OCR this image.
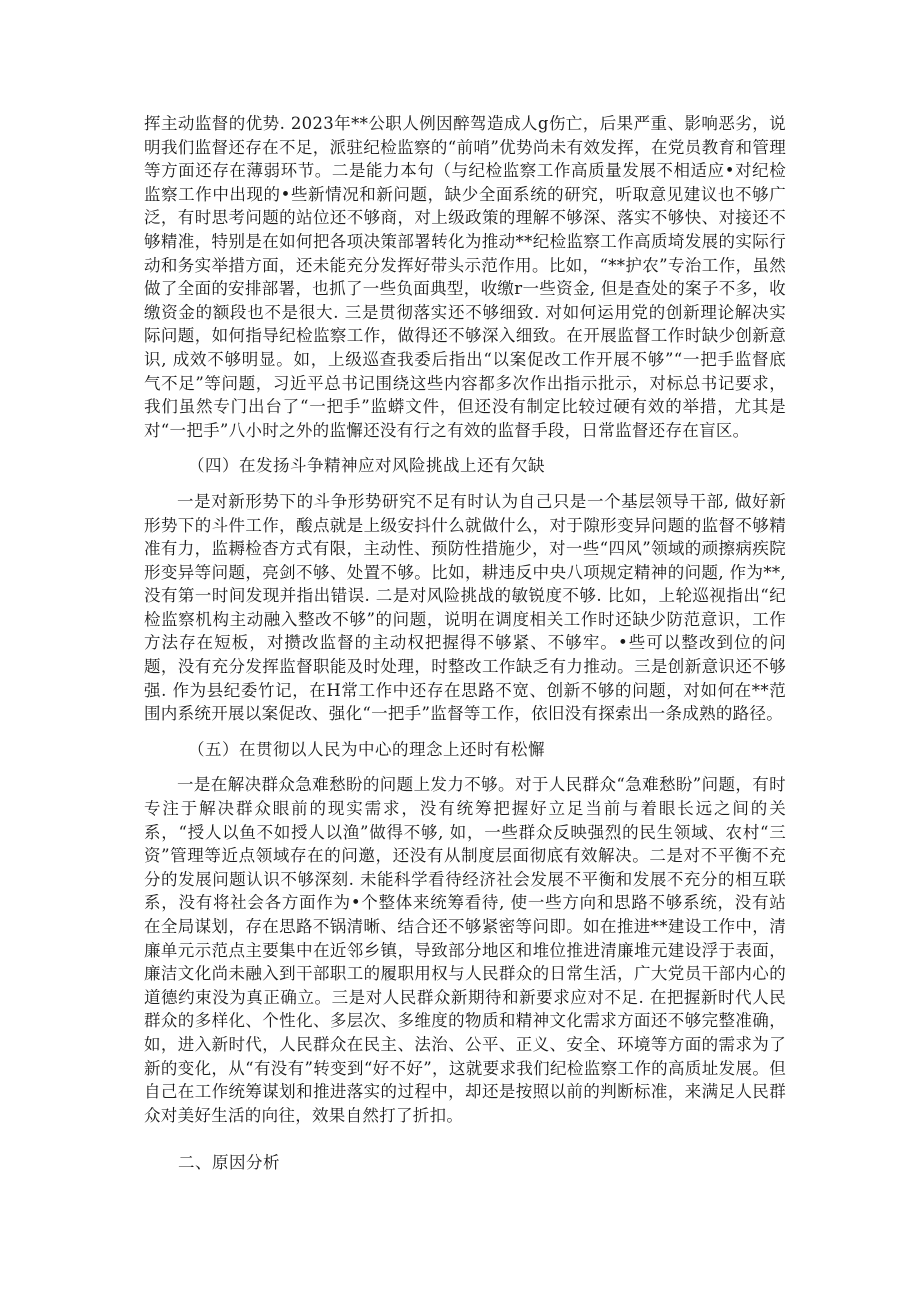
挥主动监督的优势. 2023年**公职人例因醉驾造成人g伤亡，后果严重、影响恶劣，说明我们监督还存在不足，派驻纪检监察的“前哨”优势尚未有效发挥，在党员教育和管理等方面还存在薄弱环节。二是能力本句（与纪检监察工作高质量发展不相适应•对纪检监察工作中出现的•些新情况和新问题，缺少全面系统的研究，听取意见建议也不够广泛，有时思考问题的站位还不够商，对上级政策的理解不够深、落实不够快、对接还不够精准，特别是在如何把各项决策部署转化为推动**纪检监察工作高质埼发展的实际行动和务实举措方面，还未能充分发挥好带头示范作用。比如，“**护农”专治工作，虽然做了全面的安排部署，也抓了一些负面典型，收缴r一些资金, 但是查处的案子不多，收缴资金的额段也不是很大. 三是贯彻落实还不够细致. 对如何运用党的创新理论解决实际问题，如何指导纪检监察工作，做得还不够深入细致。在开展监督工作时缺少创新意识, 成效不够明显。如，上级巡查我委后指出“以案促改工作开展不够”“一把手监督底气不足”等问题，习近平总书记围绕这些内容都多次作出指示批示，对标总书记要求，我们虽然专门出台了“一把手”监蟒文件，但还没有制定比较过硬有效的举措，尤其是对“一把手”八小时之外的监懈还没有行之有效的监督手段，日常监督还存在盲区。

（四）在发扬斗争精神应对风险挑战上还有欠缺

一是对新形势下的斗争形势研究不足有时认为自己只是一个基层领导干部, 做好新形势下的斗件工作，酸点就是上级安抖什么就做什么，对于隙形变异问题的监督不够精准有力，监耨检杳方式有限，主动性、预防性措施少，对一些“四风”领域的顽擦病疾院形变异等问题，亮剑不够、处置不够。比如，耕违反中央八项规定精神的问题, 作为**, 没有第一时间发现并指出错误. 二是对风险挑战的敏锐度不够. 比如，上轮巡视指出“纪检监察机构主动融入整改不够”的问题，说明在调度相关工作时还缺少防范意识，工作方法存在短板，对攒改监督的主动权把握得不够紧、不够牢。•些可以整改到位的问题，没有充分发挥监督职能及时处理，时整改工作缺乏有力推动。三是创新意识还不够强. 作为县纪委竹记，在H常工作中还存在思路不宽、创新不够的问题，对如何在**范围内系统开展以案促改、强化“一把手”监督等工作，依旧没有探索出一条成熟的路径。

（五）在贯彻以人民为中心的理念上还时有松懈

一是在解决群众急难愁盼的问题上发力不够。对于人民群众“急难愁盼”问题，有时专注于解决群众眼前的现实需求，没有统筹把握好立足当前与着眼长远之间的关系，“授人以鱼不如授人以渔”做得不够, 如，一些群众反映强烈的民生领域、农村“三资”管理等近点领域存在的问邀，还没有从制度层面彻底有效解决。二是对不平衡不充分的发展问题认识不够深刻. 未能科学看待经济社会发展不平衡和发展不充分的相互联系，没有将社会各方面作为•个整体来统筹看待, 使一些方向和思路不够系统，没有站在全局谋划，存在思路不锅清晰、结合还不够紧密等问即。如在推进**建设工作中，清廉单元示范点主要集中在近邻乡镇，导致部分地区和堆位推进清廉堆元建设浮于表面，廉洁文化尚未融入到干部职工的履职用权与人民群众的日常生活，广大党员干部内心的道德约束没为真正确立。三是对人民群众新期待和新要求应对不足. 在把握新时代人民群众的多样化、个性化、多层次、多维度的物质和精神文化需求方面还不够完整准确，如，进入新时代，人民群众在民主、法治、公平、正义、安全、环境等方面的需求为了新的变化，从“有没有”转变到“好不好”，这就要求我们纪检监察工作的高质址发展。但自己在工作统筹谋划和推进落实的过程中，却还是按照以前的判断标准，来满足人民群众对美好生活的向往，效果自然打了折扣。

二、原因分析
